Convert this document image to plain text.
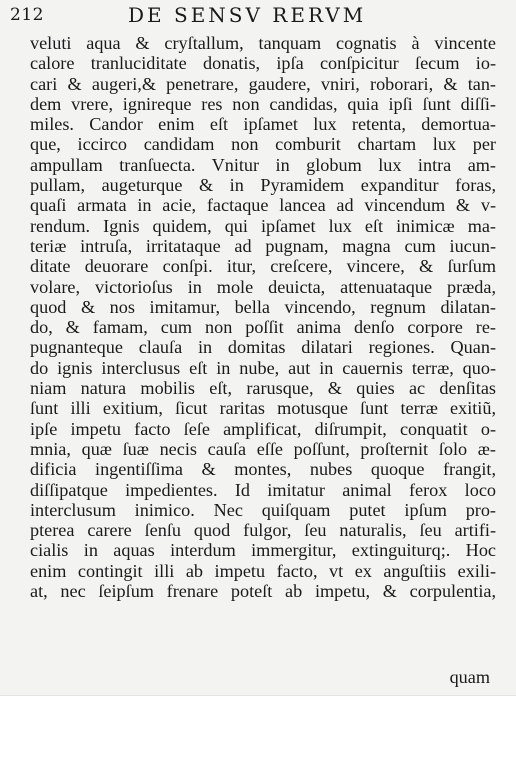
212	DE SENSV RERVM
veluti aqua & cryſtallum, tanquam cognatis à vincente
calore tranluciditate donatis, ipſa conſpicitur ſecum io-
cari & augeri,& penetrare, gaudere, vniri, roborari, & tan-
dem vrere, ignireque res non candidas, quia ipſi ſunt diſſi-
miles. Candor enim eſt ipſamet lux retenta, demortua-
que, iccirco candidam non comburit chartam lux per
ampullam tranſuecta. Vnitur in globum lux intra am-
pullam, augeturque & in Pyramidem expanditur foras,
quaſi armata in acie, factaque lancea ad vincendum & v-
rendum. Ignis quidem, qui ipſamet lux eſt inimicæ ma-
teriæ intruſa, irritataque ad pugnam, magna cum iucun-
ditate deuorare conſpi. itur, creſcere, vincere, & ſurſum
volare, victorioſus in mole deuicta, attenuataque præda,
quod & nos imitamur, bella vincendo, regnum dilatan-
do, & famam, cum non poſſit anima denſo corpore re-
pugnanteque clauſa in domitas dilatari regiones. Quan-
do ignis interclusus eſt in nube, aut in cauernis terræ, quo-
niam natura mobilis eſt, rarusque, & quies ac denſitas
ſunt illi exitium, ſicut raritas motusque ſunt terræ exitiũ,
ipſe impetu facto ſeſe amplificat, diſrumpit, conquatit o-
mnia, quæ ſuæ necis cauſa eſſe poſſunt, proſternit ſolo æ-
dificia ingentiſſima & montes, nubes quoque frangit,
diſſipatque impedientes. Id imitatur animal ferox loco
interclusum inimico. Nec quiſquam putet ipſum pro-
pterea carere ſenſu quod fulgor, ſeu naturalis, ſeu artifi-
cialis in aquas interdum immergitur, extinguiturq;. Hoc
enim contingit illi ab impetu facto, vt ex anguſtiis exili-
at, nec ſeipſum frenare poteſt ab impetu, & corpulentia,
quam
